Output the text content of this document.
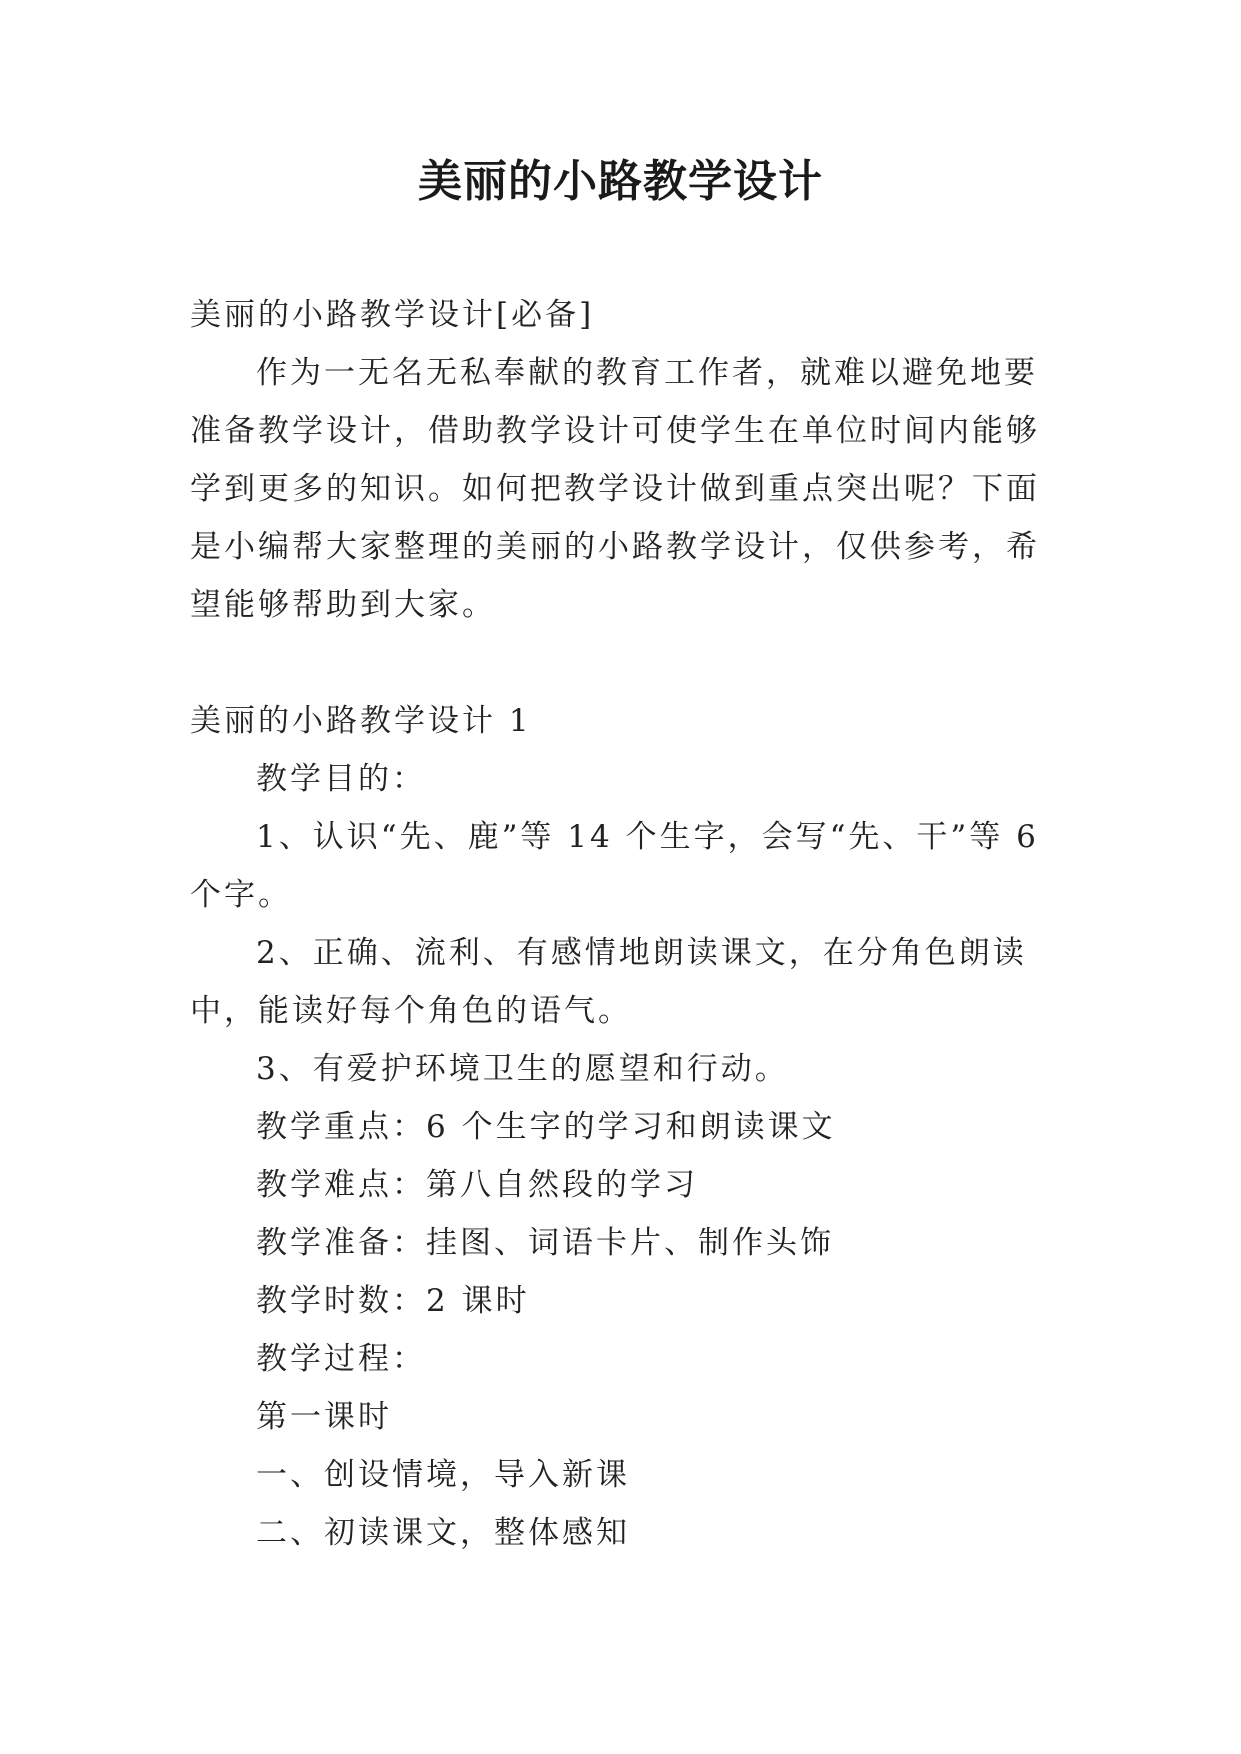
美丽的小路教学设计

美丽的小路教学设计[必备]

作为一无名无私奉献的教育工作者，就难以避免地要准备教学设计，借助教学设计可使学生在单位时间内能够学到更多的知识。如何把教学设计做到重点突出呢？下面是小编帮大家整理的美丽的小路教学设计，仅供参考，希望能够帮助到大家。

美丽的小路教学设计 1

教学目的：

1、认识“先、鹿”等 14 个生字，会写“先、干”等 6 个字。

2、正确、流利、有感情地朗读课文，在分角色朗读中，能读好每个角色的语气。

3、有爱护环境卫生的愿望和行动。

教学重点：6 个生字的学习和朗读课文

教学难点：第八自然段的学习

教学准备：挂图、词语卡片、制作头饰

教学时数：2 课时

教学过程：

第一课时

一、创设情境，导入新课

二、初读课文，整体感知
